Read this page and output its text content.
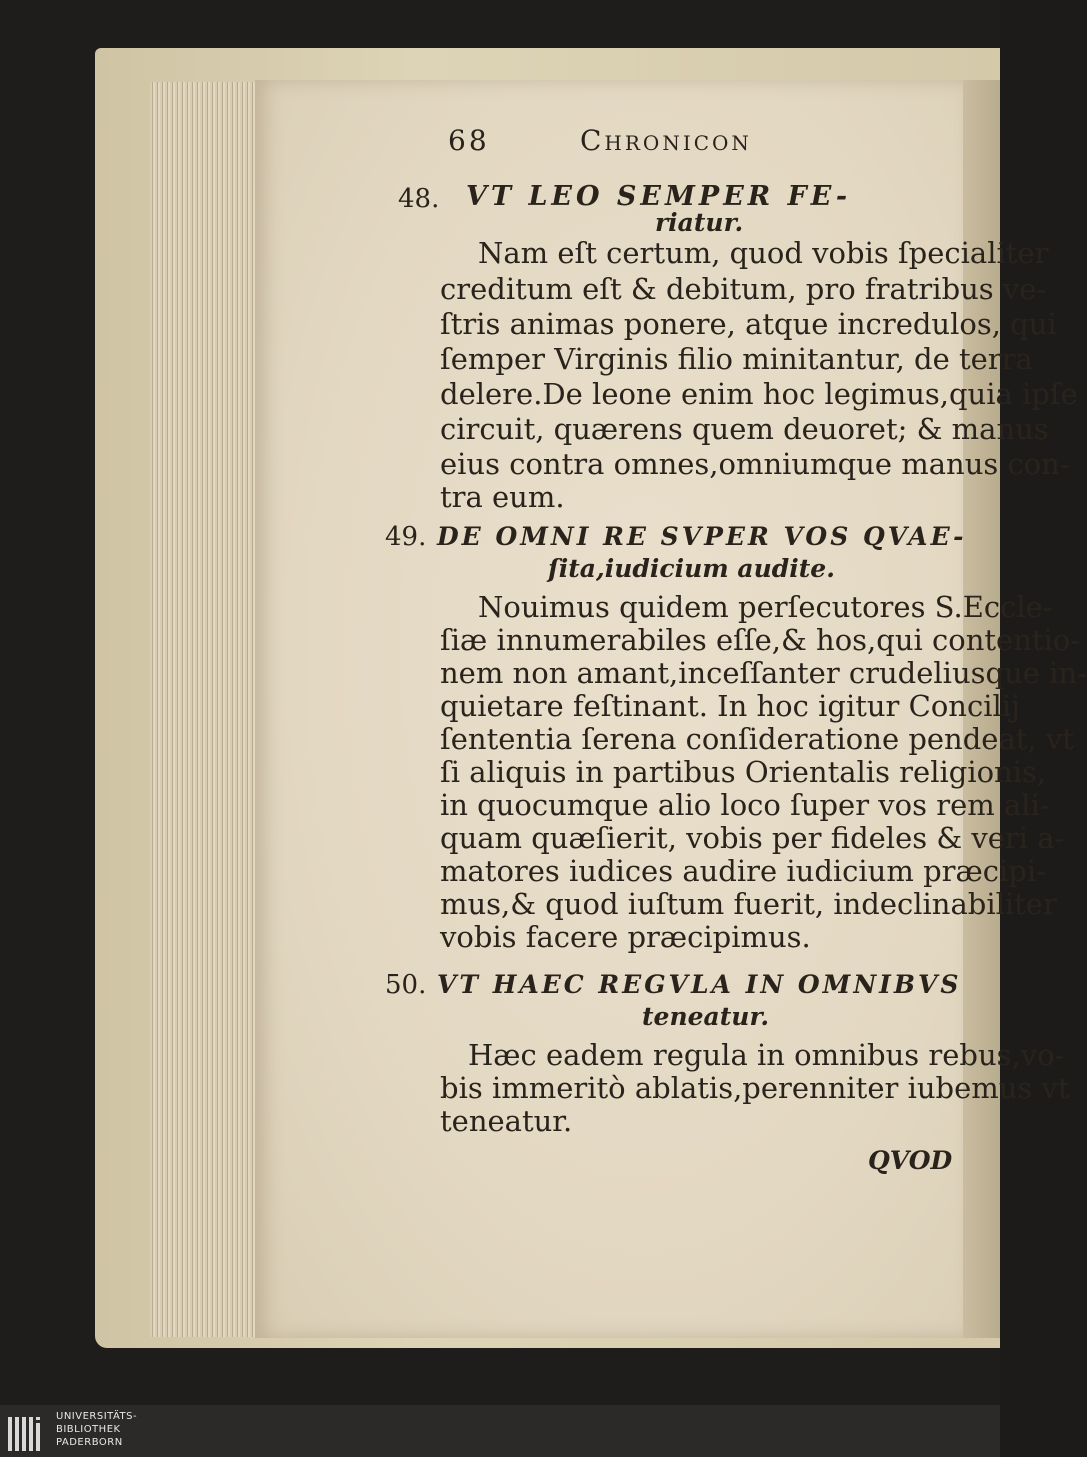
68	Chronicon
48. VT LEO SEMPER FE-
riatur.
Nam eſt certum, quod vobis ſpecialiter
creditum eſt & debitum, pro fratribus ve-
ſtris animas ponere, atque incredulos, qui
ſemper Virginis filio minitantur, de terra
delere.De leone enim hoc legimus,quia ipſe
circuit, quærens quem deuoret; & manus
eius contra omnes,omniumque manus con-
tra eum.
49. DE OMNI RE SVPER VOS QVAE-
ſita,iudicium audite.
Nouimus quidem perſecutores S.Eccle-
ſiæ innumerabiles eſſe,& hos,qui contentio-
nem non amant,inceſſanter crudeliusque in-
quietare feſtinant. In hoc igitur Concilij
ſententia ſerena conſideratione pendeat, vt
ſi aliquis in partibus Orientalis religionis,
in quocumque alio loco ſuper vos rem ali-
quam quæſierit, vobis per fideles & veri a-
matores iudices audire iudicium præcipi-
mus,& quod iuſtum fuerit, indeclinabiliter
vobis facere præcipimus.
50. VT HAEC REGVLA IN OMNIBVS
teneatur.
Hæc eadem regula in omnibus rebus,vo-
bis immeritò ablatis,perenniter iubemus vt
teneatur.
QVOD
UNIVERSITÄTS-
BIBLIOTHEK
PADERBORN
